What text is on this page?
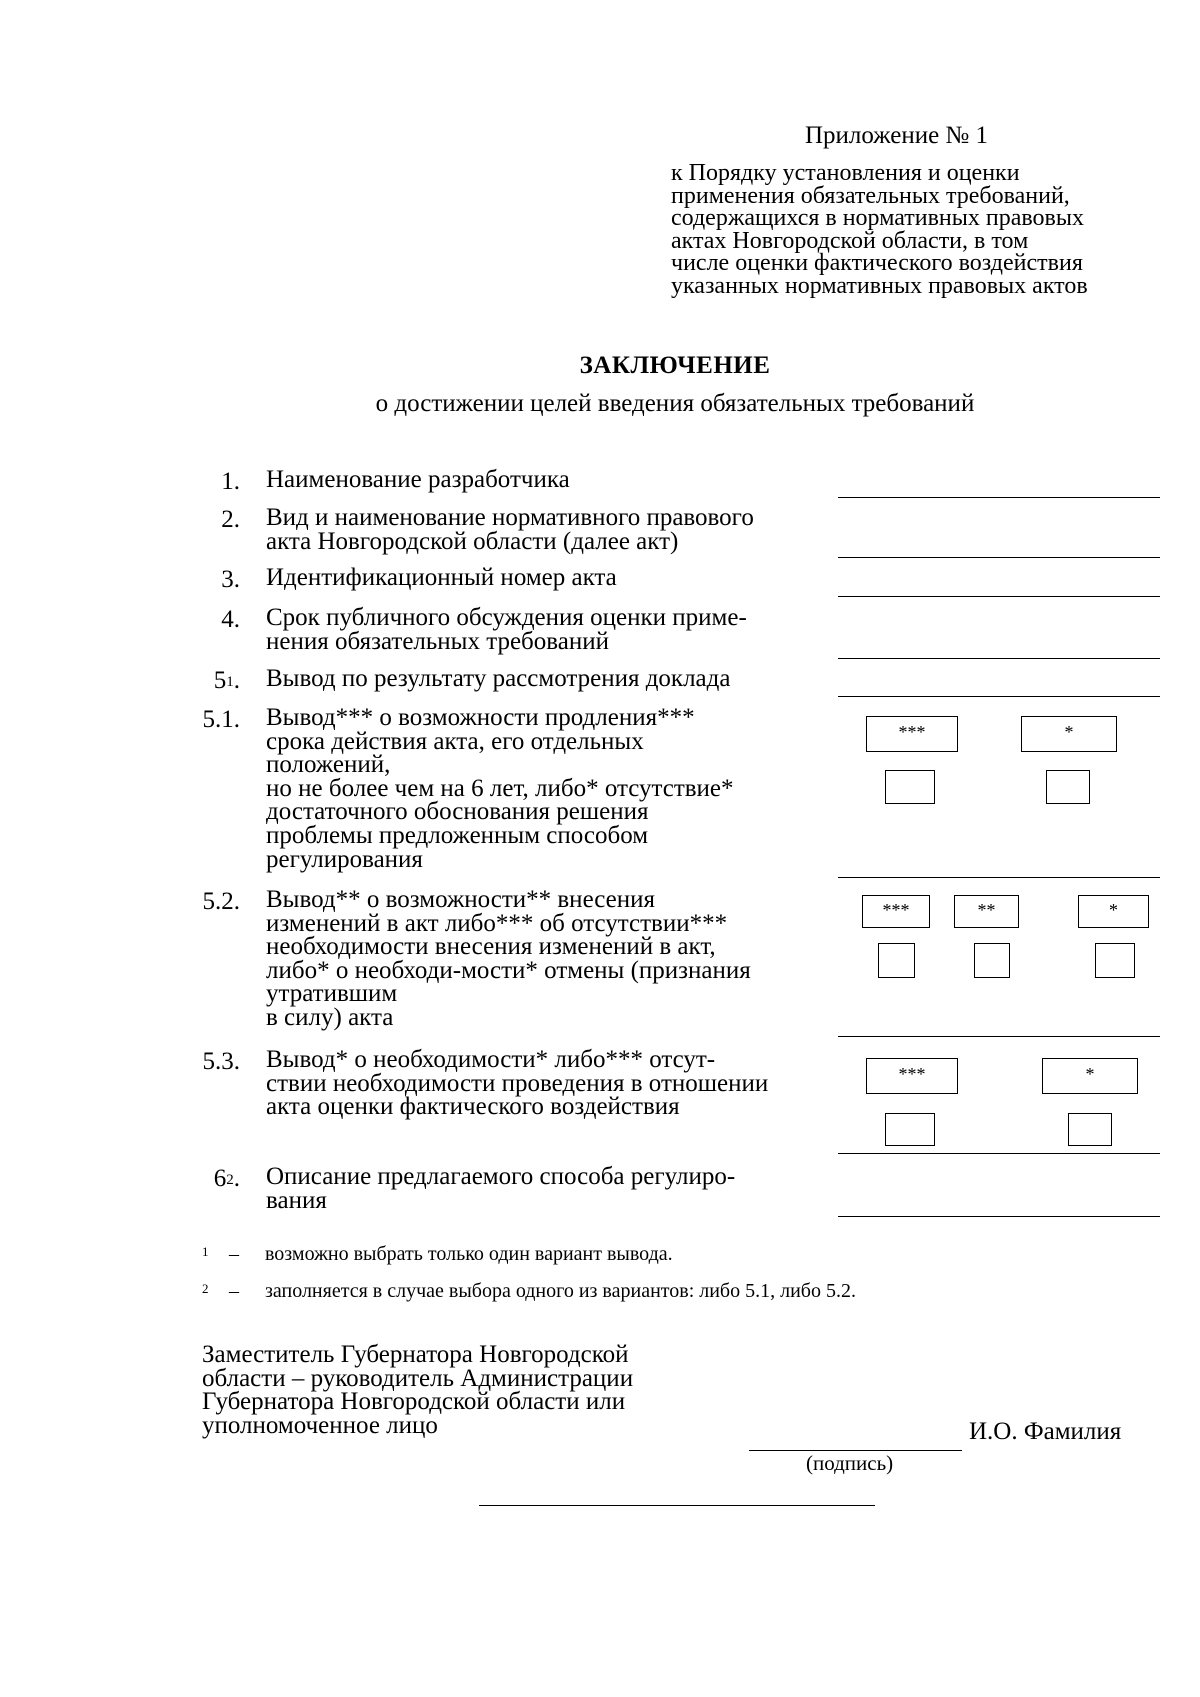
Приложение № 1
к Порядку установления и оценки
применения обязательных требований,
содержащихся в нормативных правовых
актах Новгородской области, в том
числе оценки фактического воздействия
указанных нормативных правовых актов
ЗАКЛЮЧЕНИЕ
о достижении целей введения обязательных требований
1. Наименование разработчика
2. Вид и наименование нормативного правового
акта Новгородской области (далее акт)
3. Идентификационный номер акта
4. Срок публичного обсуждения оценки приме-
нения обязательных требований
$5^1$. Вывод по результату рассмотрения доклада
5.1. Вывод*** о возможности продления***
срока действия акта, его отдельных
положений,
но не более чем на 6 лет, либо* отсутствие*
достаточного обоснования решения
проблемы предложенным способом
регулирования
***	*
5.2. Вывод** о возможности** внесения
изменений в акт либо*** об отсутствии***
необходимости внесения изменений в акт,
либо* о необходи-мости* отмены (признания
утратившим
в силу) акта
***	**	*
5.3. Вывод* о необходимости* либо*** отсут-
ствии необходимости проведения в отношении
акта оценки фактического воздействия
***	*
$6^2$. Описание предлагаемого способа регулиро-
вания
1 – возможно выбрать только один вариант вывода.
2 – заполняется в случае выбора одного из вариантов: либо 5.1, либо 5.2.
Заместитель Губернатора Новгородской
области – руководитель Администрации
Губернатора Новгородской области или
уполномоченное лицо	И.О. Фамилия
(подпись)
